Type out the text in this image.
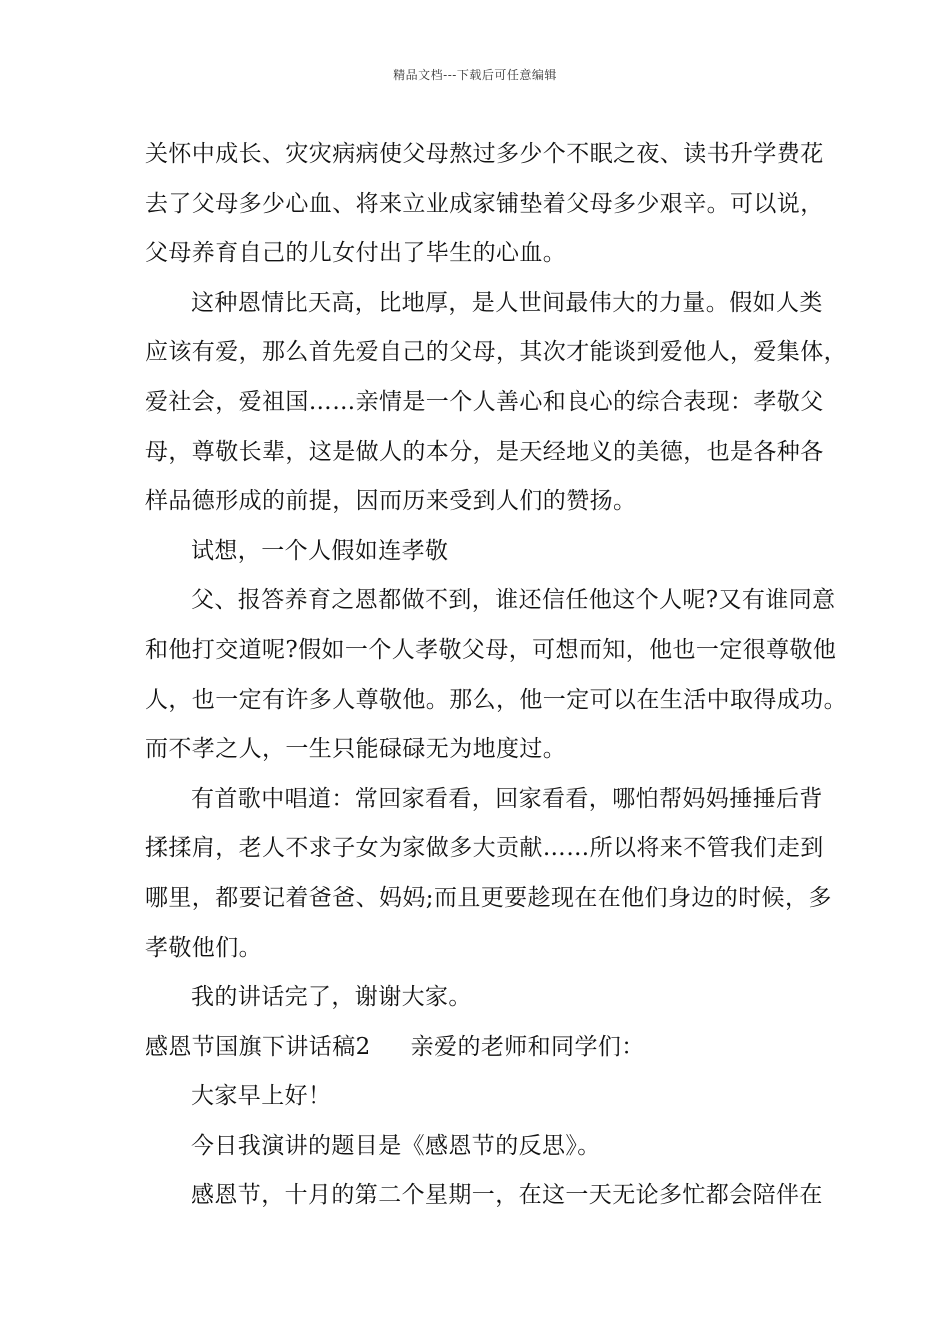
精品文档---下载后可任意编辑
关怀中成长、灾灾病病使父母熬过多少个不眠之夜、读书升学费花
去了父母多少心血、将来立业成家铺垫着父母多少艰辛。可以说，
父母养育自己的儿女付出了毕生的心血。
这种恩情比天高，比地厚，是人世间最伟大的力量。假如人类
应该有爱，那么首先爱自己的父母，其次才能谈到爱他人，爱集体，
爱社会，爱祖国……亲情是一个人善心和良心的综合表现：孝敬父
母，尊敬长辈，这是做人的本分，是天经地义的美德，也是各种各
样品德形成的前提，因而历来受到人们的赞扬。
试想，一个人假如连孝敬
父、报答养育之恩都做不到，谁还信任他这个人呢?又有谁同意
和他打交道呢?假如一个人孝敬父母，可想而知，他也一定很尊敬他
人，也一定有许多人尊敬他。那么，他一定可以在生活中取得成功。
而不孝之人，一生只能碌碌无为地度过。
有首歌中唱道：常回家看看，回家看看，哪怕帮妈妈捶捶后背
揉揉肩，老人不求子女为家做多大贡献……所以将来不管我们走到
哪里，都要记着爸爸、妈妈;而且更要趁现在在他们身边的时候，多
孝敬他们。
我的讲话完了，谢谢大家。
感恩节国旗下讲话稿2 亲爱的老师和同学们：
大家早上好！
今日我演讲的题目是《感恩节的反思》。
感恩节，十月的第二个星期一，在这一天无论多忙都会陪伴在
